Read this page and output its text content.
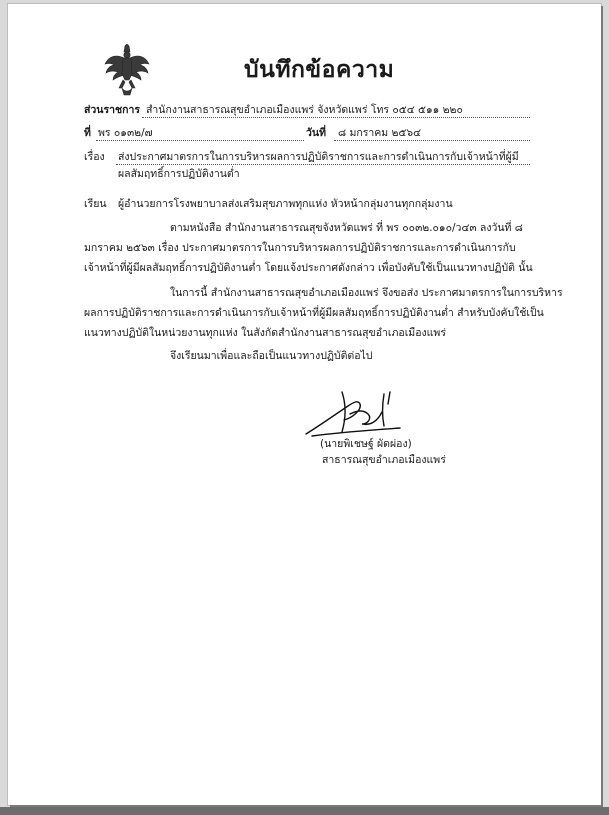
บันทึกข้อความ
ส่วนราชการ สำนักงานสาธารณสุขอำเภอเมืองแพร่ จังหวัดแพร่ โทร ๐๕๔ ๕๑๑ ๒๒๐
ที่ พร ๐๑๓๒/๗	วันที่ ๘ มกราคม ๒๕๖๔
เรื่อง ส่งประกาศมาตรการในการบริหารผลการปฏิบัติราชการและการดำเนินการกับเจ้าหน้าที่ผู้มี
ผลสัมฤทธิ์การปฏิบัติงานต่ำ
เรียน ผู้อำนวยการโรงพยาบาลส่งเสริมสุขภาพทุกแห่ง หัวหน้ากลุ่มงานทุกกลุ่มงาน
ตามหนังสือ สำนักงานสาธารณสุขจังหวัดแพร่ ที่ พร ๐๐๓๒.๐๑๐/ว๔๓ ลงวันที่ ๘
มกราคม ๒๕๖๓ เรื่อง ประกาศมาตรการในการบริหารผลการปฏิบัติราชการและการดำเนินการกับ
เจ้าหน้าที่ผู้มีผลสัมฤทธิ์การปฏิบัติงานต่ำ โดยแจ้งประกาศดังกล่าว เพื่อบังคับใช้เป็นแนวทางปฏิบัติ นั้น
ในการนี้ สำนักงานสาธารณสุขอำเภอเมืองแพร่ จึงขอส่ง ประกาศมาตรการในการบริหาร
ผลการปฏิบัติราชการและการดำเนินการกับเจ้าหน้าที่ผู้มีผลสัมฤทธิ์การปฏิบัติงานต่ำ สำหรับบังคับใช้เป็น
แนวทางปฏิบัติในหน่วยงานทุกแห่ง ในสังกัดสำนักงานสาธารณสุขอำเภอเมืองแพร่
จึงเรียนมาเพื่อและถือเป็นแนวทางปฏิบัติต่อไป
(นายพิเชษฐ์ ผัดผ่อง)
สาธารณสุขอำเภอเมืองแพร่
